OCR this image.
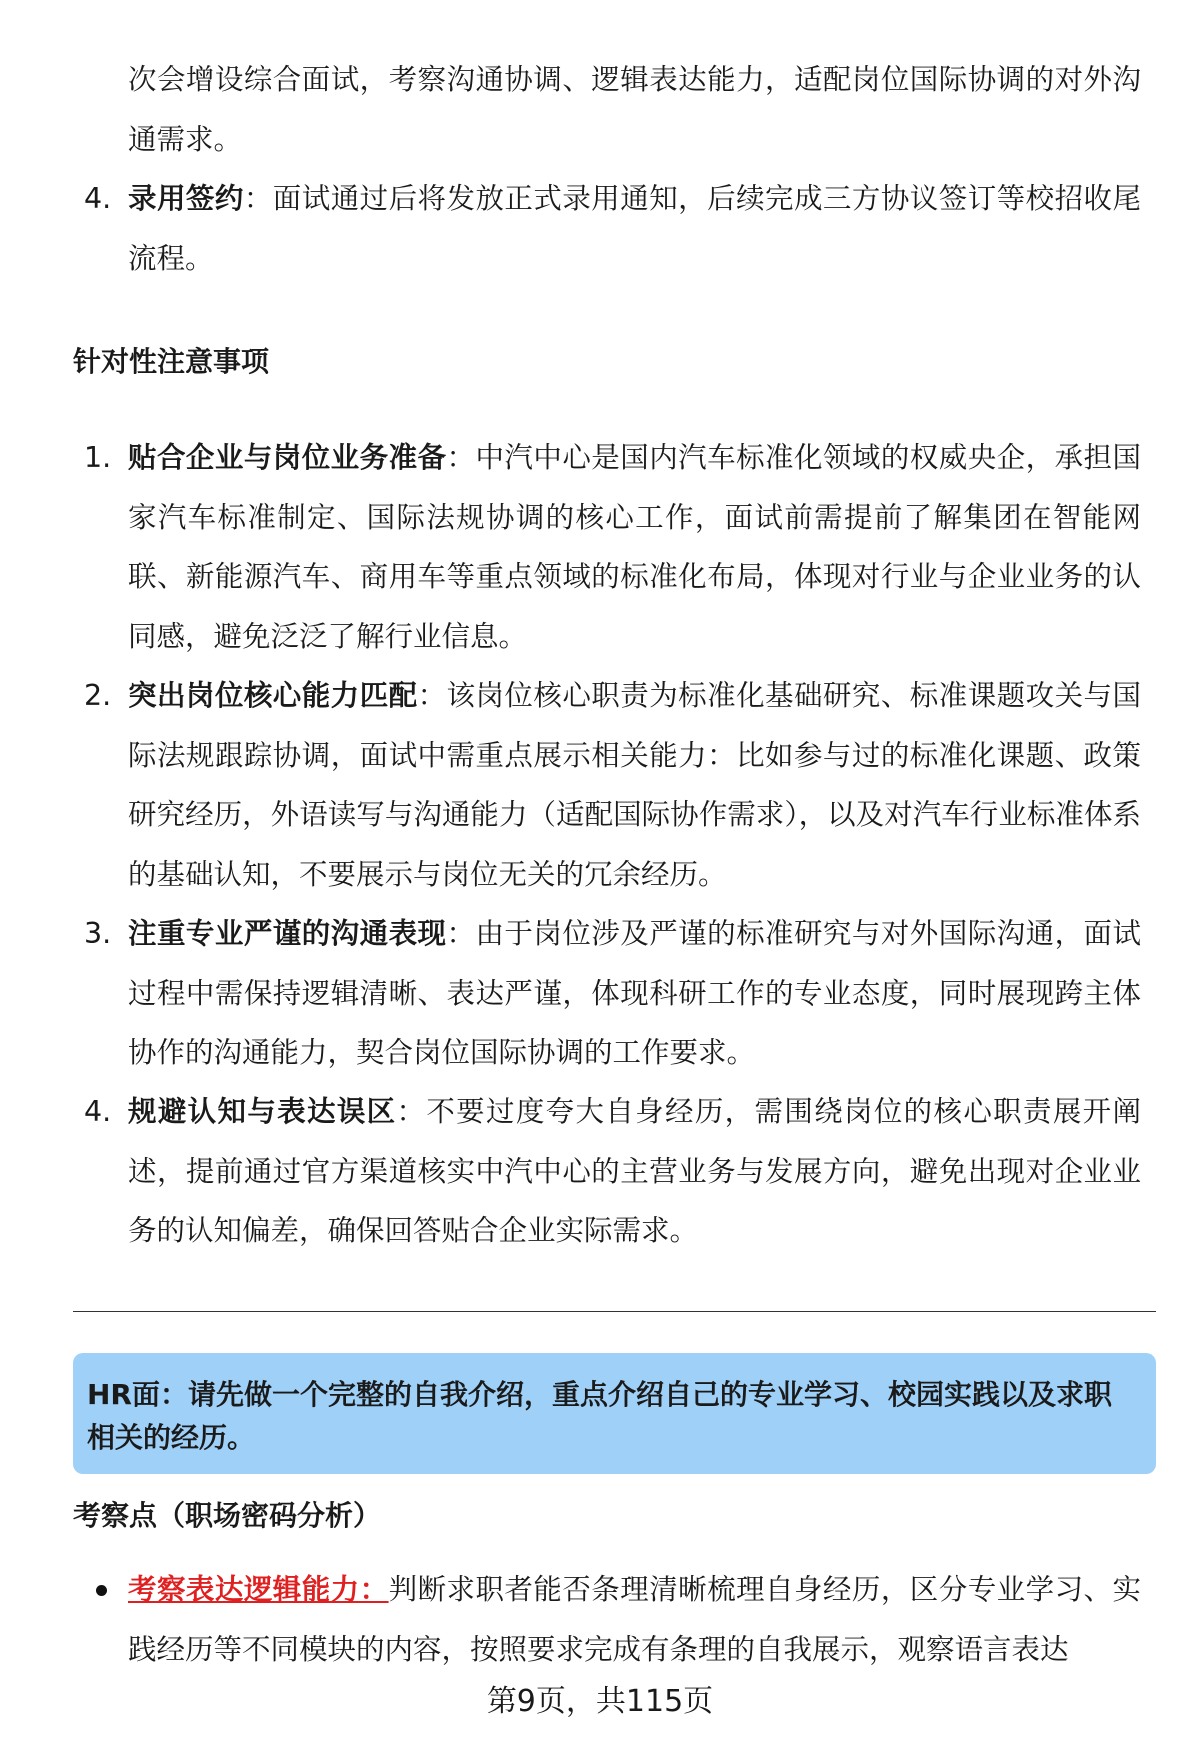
次会增设综合面试，考察沟通协调、逻辑表达能力，适配岗位国际协调的对外沟通需求。
4. 录用签约：面试通过后将发放正式录用通知，后续完成三方协议签订等校招收尾流程。
针对性注意事项
1. 贴合企业与岗位业务准备：中汽中心是国内汽车标准化领域的权威央企，承担国家汽车标准制定、国际法规协调的核心工作，面试前需提前了解集团在智能网联、新能源汽车、商用车等重点领域的标准化布局，体现对行业与企业业务的认同感，避免泛泛了解行业信息。
2. 突出岗位核心能力匹配：该岗位核心职责为标准化基础研究、标准课题攻关与国际法规跟踪协调，面试中需重点展示相关能力：比如参与过的标准化课题、政策研究经历，外语读写与沟通能力（适配国际协作需求），以及对汽车行业标准体系的基础认知，不要展示与岗位无关的冗余经历。
3. 注重专业严谨的沟通表现：由于岗位涉及严谨的标准研究与对外国际沟通，面试过程中需保持逻辑清晰、表达严谨，体现科研工作的专业态度，同时展现跨主体协作的沟通能力，契合岗位国际协调的工作要求。
4. 规避认知与表达误区：不要过度夸大自身经历，需围绕岗位的核心职责展开阐述，提前通过官方渠道核实中汽中心的主营业务与发展方向，避免出现对企业业务的认知偏差，确保回答贴合企业实际需求。
HR面：请先做一个完整的自我介绍，重点介绍自己的专业学习、校园实践以及求职相关的经历。
考察点（职场密码分析）
考察表达逻辑能力：判断求职者能否条理清晰梳理自身经历，区分专业学习、实践经历等不同模块的内容，按照要求完成有条理的自我展示，观察语言表达
第9页，共115页
